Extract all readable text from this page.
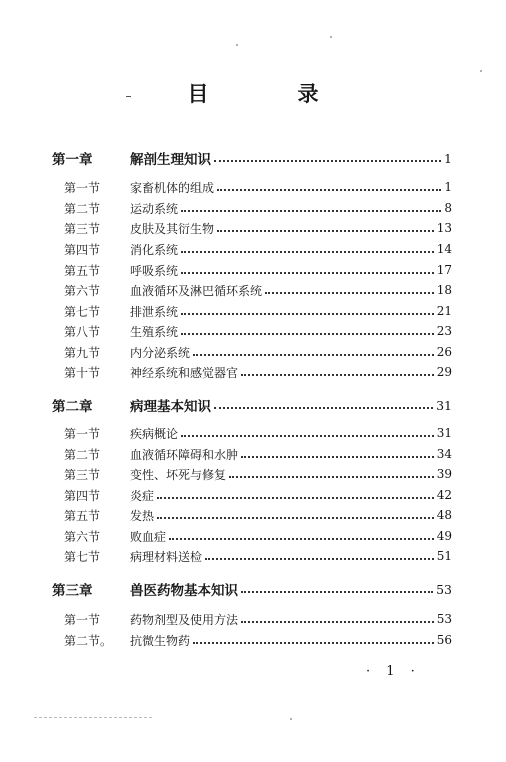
目　录
第一章	解剖生理知识	1
第一节	家畜机体的组成	1
第二节	运动系统	8
第三节	皮肤及其衍生物	13
第四节	消化系统	14
第五节	呼吸系统	17
第六节	血液循环及淋巴循环系统	18
第七节	排泄系统	21
第八节	生殖系统	23
第九节	内分泌系统	26
第十节	神经系统和感觉器官	29
第二章	病理基本知识	31
第一节	疾病概论	31
第二节	血液循环障碍和水肿	34
第三节	变性、坏死与修复	39
第四节	炎症	42
第五节	发热	48
第六节	败血症	49
第七节	病理材料送检	51
第三章	兽医药物基本知识	53
第一节	药物剂型及使用方法	53
第二节。	抗微生物药	56
· 1 ·
